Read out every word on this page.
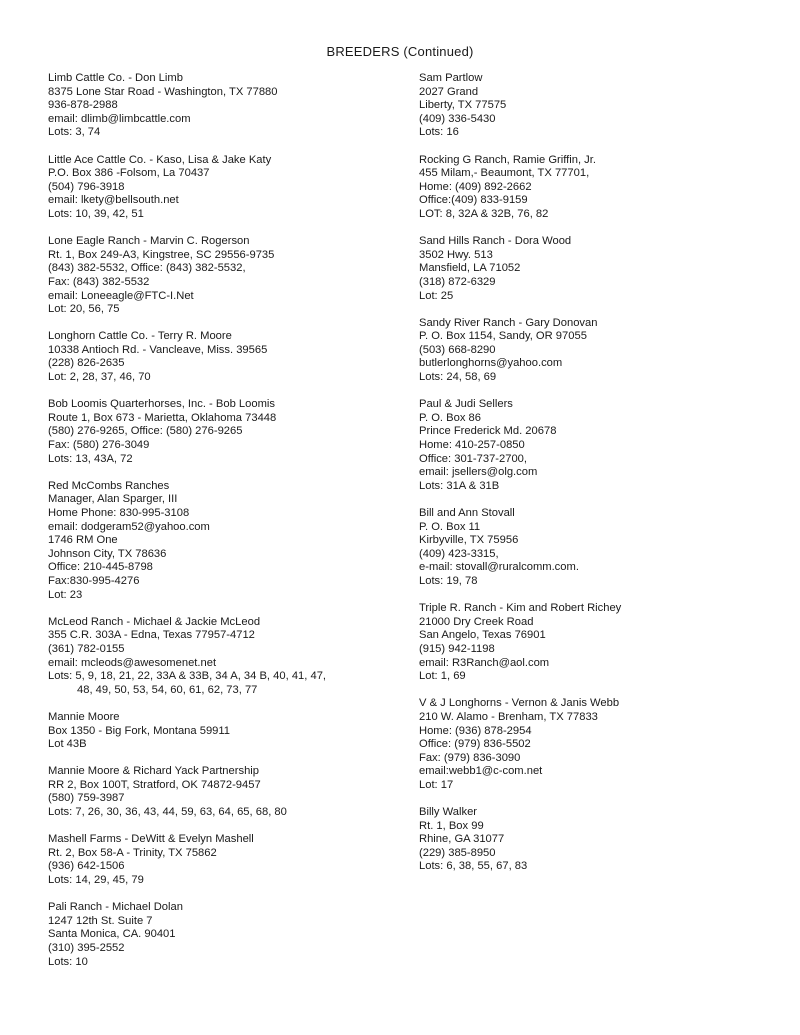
BREEDERS (Continued)
Limb Cattle Co. - Don Limb
8375 Lone Star Road - Washington, TX 77880
936-878-2988
email: dlimb@limbcattle.com
Lots: 3, 74
Little Ace Cattle Co. - Kaso, Lisa & Jake Katy
P.O. Box 386 -Folsom, La 70437
(504) 796-3918
email: lkety@bellsouth.net
Lots: 10, 39, 42, 51
Lone Eagle Ranch - Marvin C. Rogerson
Rt. 1, Box 249-A3, Kingstree, SC 29556-9735
(843) 382-5532, Office: (843) 382-5532,
Fax: (843) 382-5532
email: Loneeagle@FTC-I.Net
Lot: 20, 56, 75
Longhorn Cattle Co. - Terry R. Moore
10338 Antioch Rd. - Vancleave, Miss. 39565
(228) 826-2635
Lot: 2, 28, 37, 46, 70
Bob Loomis Quarterhorses, Inc. - Bob Loomis
Route 1, Box 673 - Marietta, Oklahoma 73448
(580) 276-9265, Office: (580) 276-9265
Fax: (580) 276-3049
Lots: 13, 43A, 72
Red McCombs Ranches
Manager, Alan Sparger, III
Home Phone: 830-995-3108
email: dodgeram52@yahoo.com
1746 RM One
Johnson City, TX 78636
Office: 210-445-8798
Fax:830-995-4276
Lot: 23
McLeod Ranch - Michael & Jackie McLeod
355 C.R. 303A - Edna, Texas 77957-4712
(361) 782-0155
email: mcleods@awesomenet.net
Lots: 5, 9, 18, 21, 22, 33A & 33B, 34 A, 34 B, 40, 41, 47,
48, 49, 50, 53, 54, 60, 61, 62, 73, 77
Mannie Moore
Box 1350 - Big Fork, Montana 59911
Lot 43B
Mannie Moore & Richard Yack Partnership
RR 2, Box 100T, Stratford, OK 74872-9457
(580) 759-3987
Lots: 7, 26, 30, 36, 43, 44, 59, 63, 64, 65, 68, 80
Mashell Farms - DeWitt & Evelyn Mashell
Rt. 2, Box 58-A - Trinity, TX 75862
(936) 642-1506
Lots: 14, 29, 45, 79
Pali Ranch - Michael Dolan
1247 12th St. Suite 7
Santa Monica, CA. 90401
(310) 395-2552
Lots: 10
Sam Partlow
2027 Grand
Liberty, TX 77575
(409) 336-5430
Lots: 16
Rocking G Ranch, Ramie Griffin, Jr.
455 Milam,- Beaumont, TX 77701,
Home: (409) 892-2662
Office:(409) 833-9159
LOT: 8, 32A & 32B, 76, 82
Sand Hills Ranch - Dora Wood
3502 Hwy. 513
Mansfield, LA 71052
(318) 872-6329
Lot: 25
Sandy River Ranch - Gary Donovan
P. O. Box 1154, Sandy, OR 97055
(503) 668-8290
butlerlonghorns@yahoo.com
Lots: 24, 58, 69
Paul & Judi Sellers
P. O. Box 86
Prince Frederick Md. 20678
Home: 410-257-0850
Office: 301-737-2700,
email: jsellers@olg.com
Lots: 31A & 31B
Bill and Ann Stovall
P. O. Box 11
Kirbyville, TX 75956
(409) 423-3315,
e-mail: stovall@ruralcomm.com.
Lots: 19, 78
Triple R. Ranch - Kim and Robert Richey
21000 Dry Creek Road
San Angelo, Texas 76901
(915) 942-1198
email: R3Ranch@aol.com
Lot: 1, 69
V & J Longhorns - Vernon & Janis Webb
210 W. Alamo - Brenham, TX 77833
Home: (936) 878-2954
Office: (979) 836-5502
Fax: (979) 836-3090
email:webb1@c-com.net
Lot: 17
Billy Walker
Rt. 1, Box 99
Rhine, GA 31077
(229) 385-8950
Lots: 6, 38, 55, 67, 83
